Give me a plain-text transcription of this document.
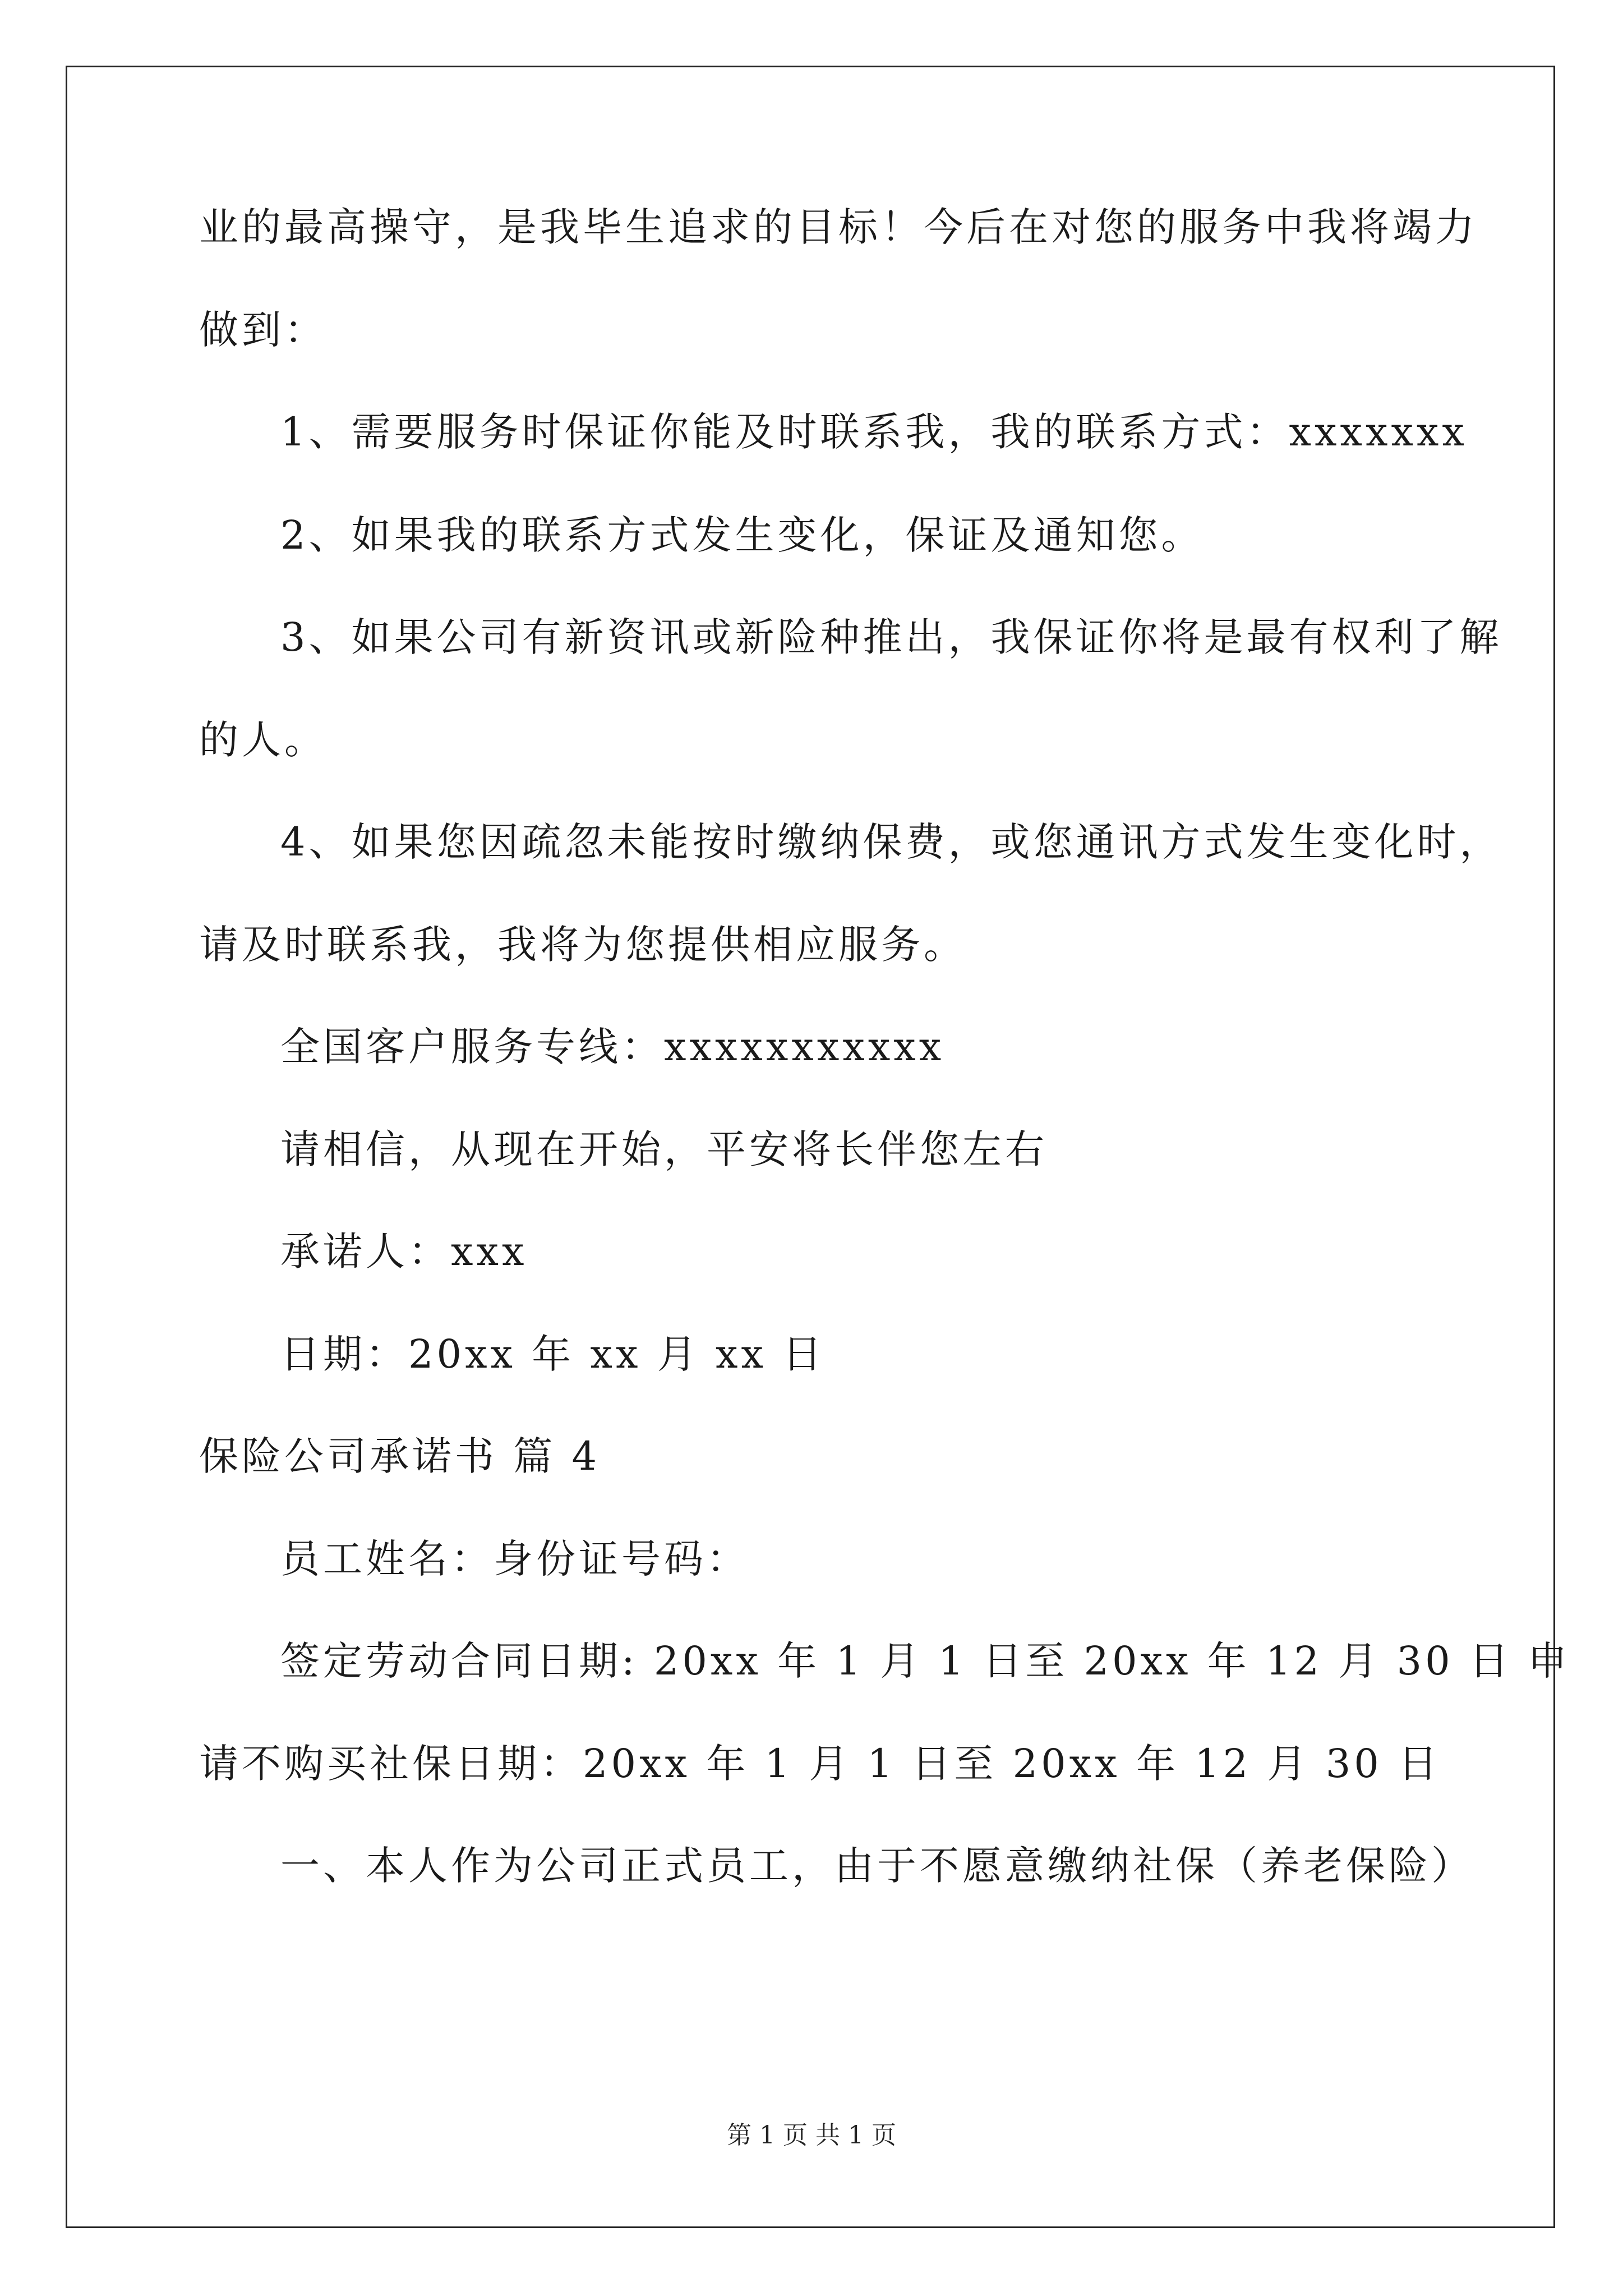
业的最高操守，是我毕生追求的目标！今后在对您的服务中我将竭力
做到：
1、需要服务时保证你能及时联系我，我的联系方式：xxxxxxx
2、如果我的联系方式发生变化，保证及通知您。
3、如果公司有新资讯或新险种推出，我保证你将是最有权利了解
的人。
4、如果您因疏忽未能按时缴纳保费，或您通讯方式发生变化时，
请及时联系我，我将为您提供相应服务。
全国客户服务专线：xxxxxxxxxxx
请相信，从现在开始，平安将长伴您左右
承诺人：xxx
日期：20xx 年 xx 月 xx 日
保险公司承诺书 篇 4
员工姓名：身份证号码：
签定劳动合同日期: 20xx 年 1 月 1 日至 20xx 年 12 月 30 日 申
请不购买社保日期：20xx 年 1 月 1 日至 20xx 年 12 月 30 日
一、本人作为公司正式员工，由于不愿意缴纳社保（养老保险）
第 1 页 共 1 页
